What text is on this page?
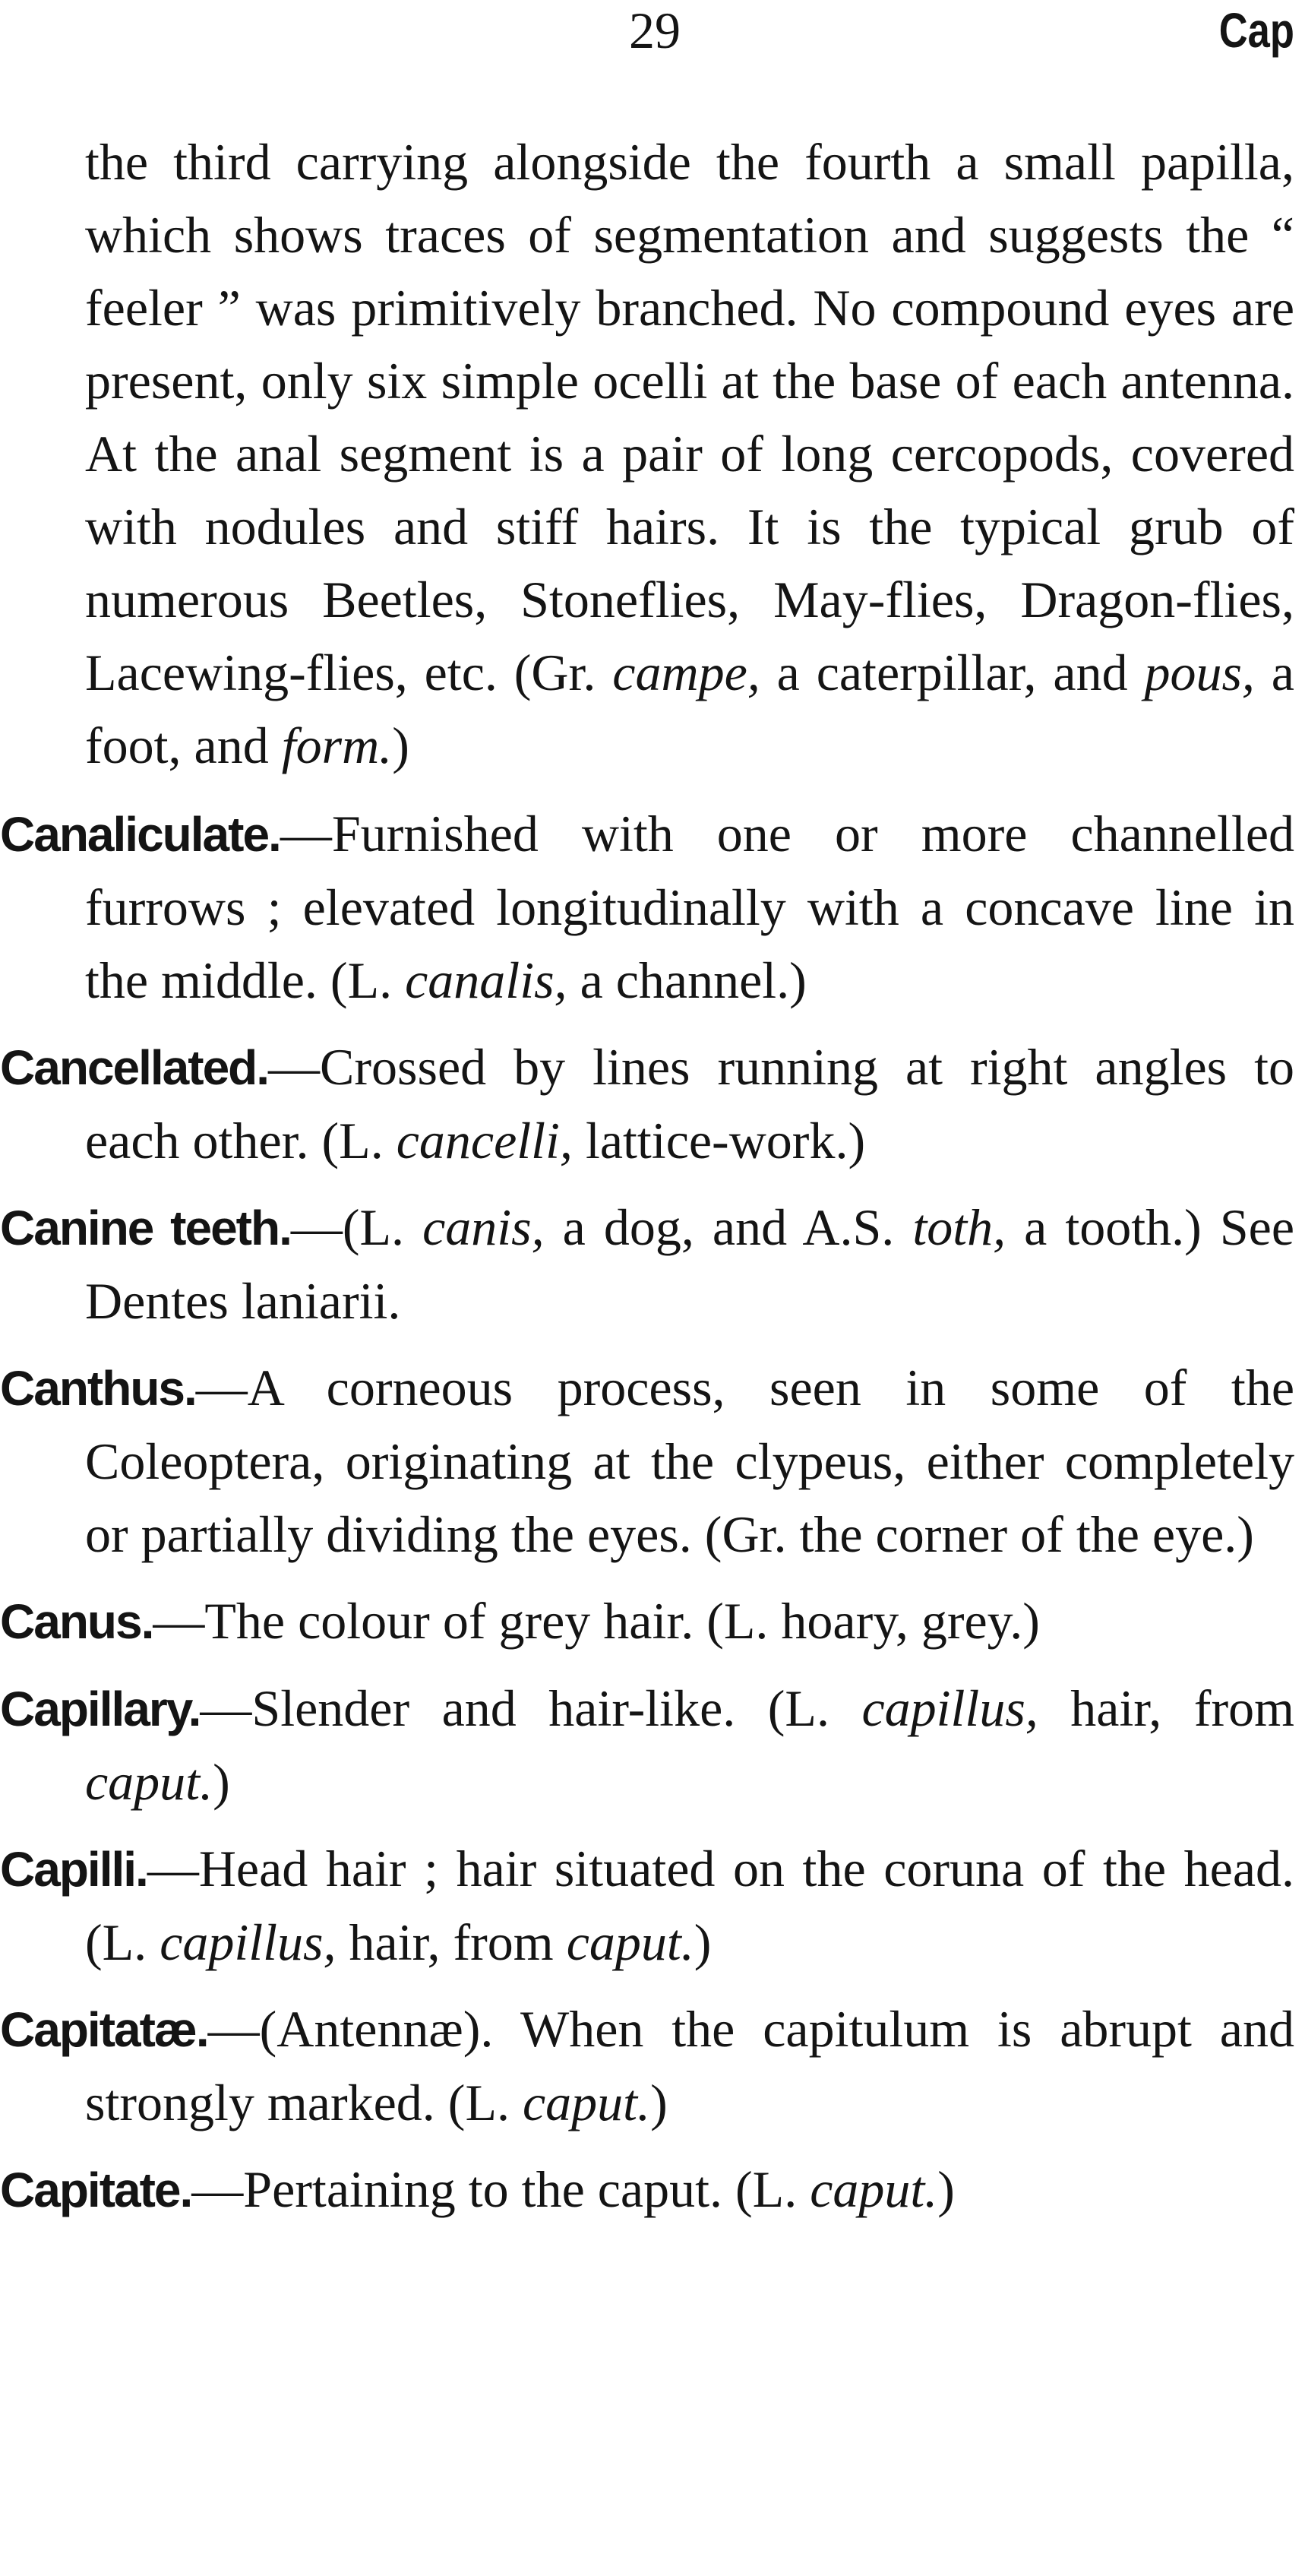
29	Cap

the third carrying alongside the fourth a small papilla, which shows traces of segmentation and suggests the “ feeler ” was primitively branched. No compound eyes are present, only six simple ocelli at the base of each antenna. At the anal segment is a pair of long cercopods, covered with nodules and stiff hairs. It is the typical grub of numerous Beetles, Stoneflies, May-flies, Dragon-flies, Lacewing-flies, etc. (Gr. campe, a caterpillar, and pous, a foot, and form.)

Canaliculate.—Furnished with one or more channelled furrows ; elevated longitudinally with a concave line in the middle. (L. canalis, a channel.)

Cancellated.—Crossed by lines running at right angles to each other. (L. cancelli, lattice-work.)

Canine teeth.—(L. canis, a dog, and A.S. toth, a tooth.) See Dentes laniarii.

Canthus.—A corneous process, seen in some of the Coleoptera, originating at the clypeus, either completely or partially dividing the eyes. (Gr. the corner of the eye.)

Canus.—The colour of grey hair. (L. hoary, grey.)

Capillary.—Slender and hair-like. (L. capillus, hair, from caput.)

Capilli.—Head hair ; hair situated on the coruna of the head. (L. capillus, hair, from caput.)

Capitatæ.—(Antennæ). When the capitulum is abrupt and strongly marked. (L. caput.)

Capitate.—Pertaining to the caput. (L. caput.)
